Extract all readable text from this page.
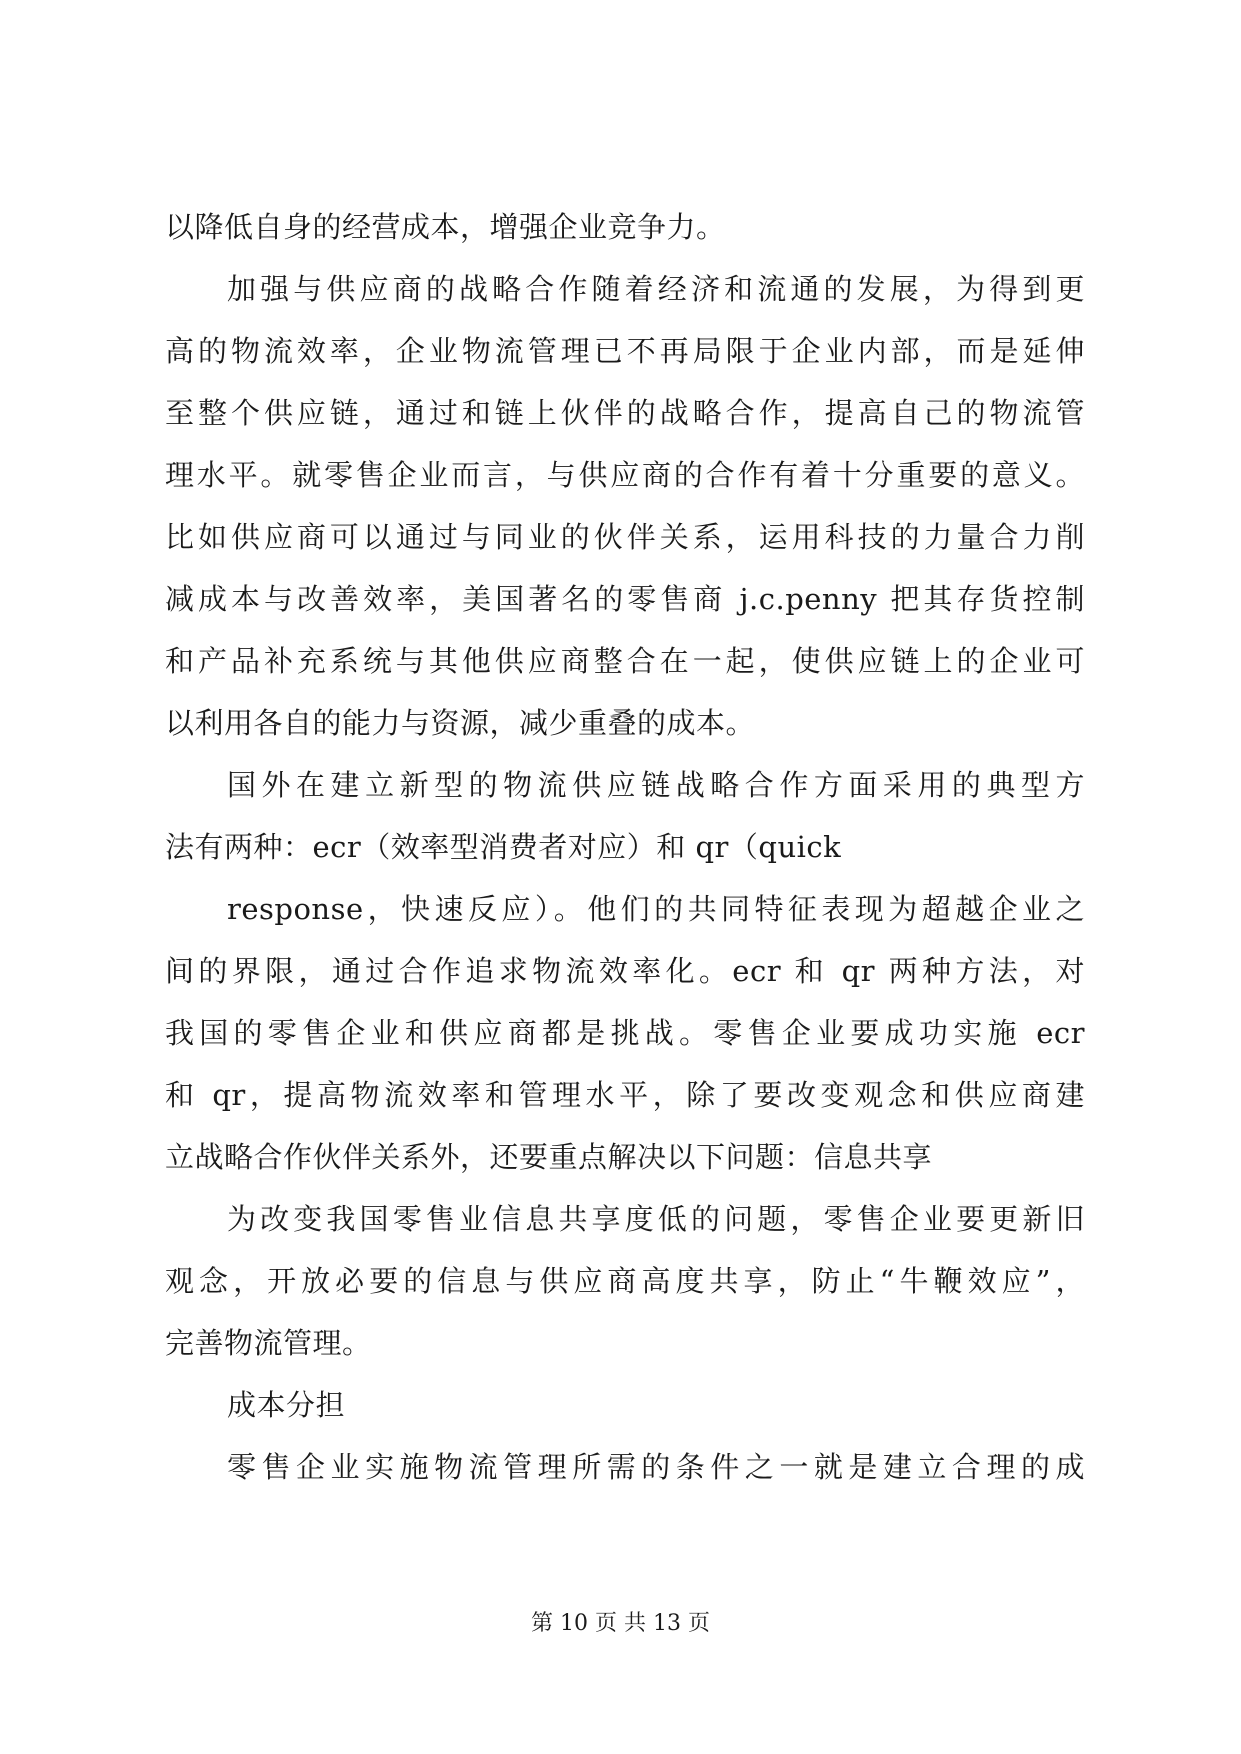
以降低自身的经营成本，增强企业竞争力。
加强与供应商的战略合作随着经济和流通的发展，为得到更
高的物流效率，企业物流管理已不再局限于企业内部，而是延伸
至整个供应链，通过和链上伙伴的战略合作，提高自己的物流管
理水平。就零售企业而言，与供应商的合作有着十分重要的意义。
比如供应商可以通过与同业的伙伴关系，运用科技的力量合力削
减成本与改善效率，美国著名的零售商 j.c.penny 把其存货控制
和产品补充系统与其他供应商整合在一起，使供应链上的企业可
以利用各自的能力与资源，减少重叠的成本。
国外在建立新型的物流供应链战略合作方面采用的典型方
法有两种：ecr（效率型消费者对应）和 qr（quick
response，快速反应）。他们的共同特征表现为超越企业之
间的界限，通过合作追求物流效率化。ecr 和 qr 两种方法，对
我国的零售企业和供应商都是挑战。零售企业要成功实施 ecr
和 qr，提高物流效率和管理水平，除了要改变观念和供应商建
立战略合作伙伴关系外，还要重点解决以下问题：信息共享
为改变我国零售业信息共享度低的问题，零售企业要更新旧
观念，开放必要的信息与供应商高度共享，防止“牛鞭效应”，
完善物流管理。
成本分担
零售企业实施物流管理所需的条件之一就是建立合理的成
第 10 页 共 13 页
